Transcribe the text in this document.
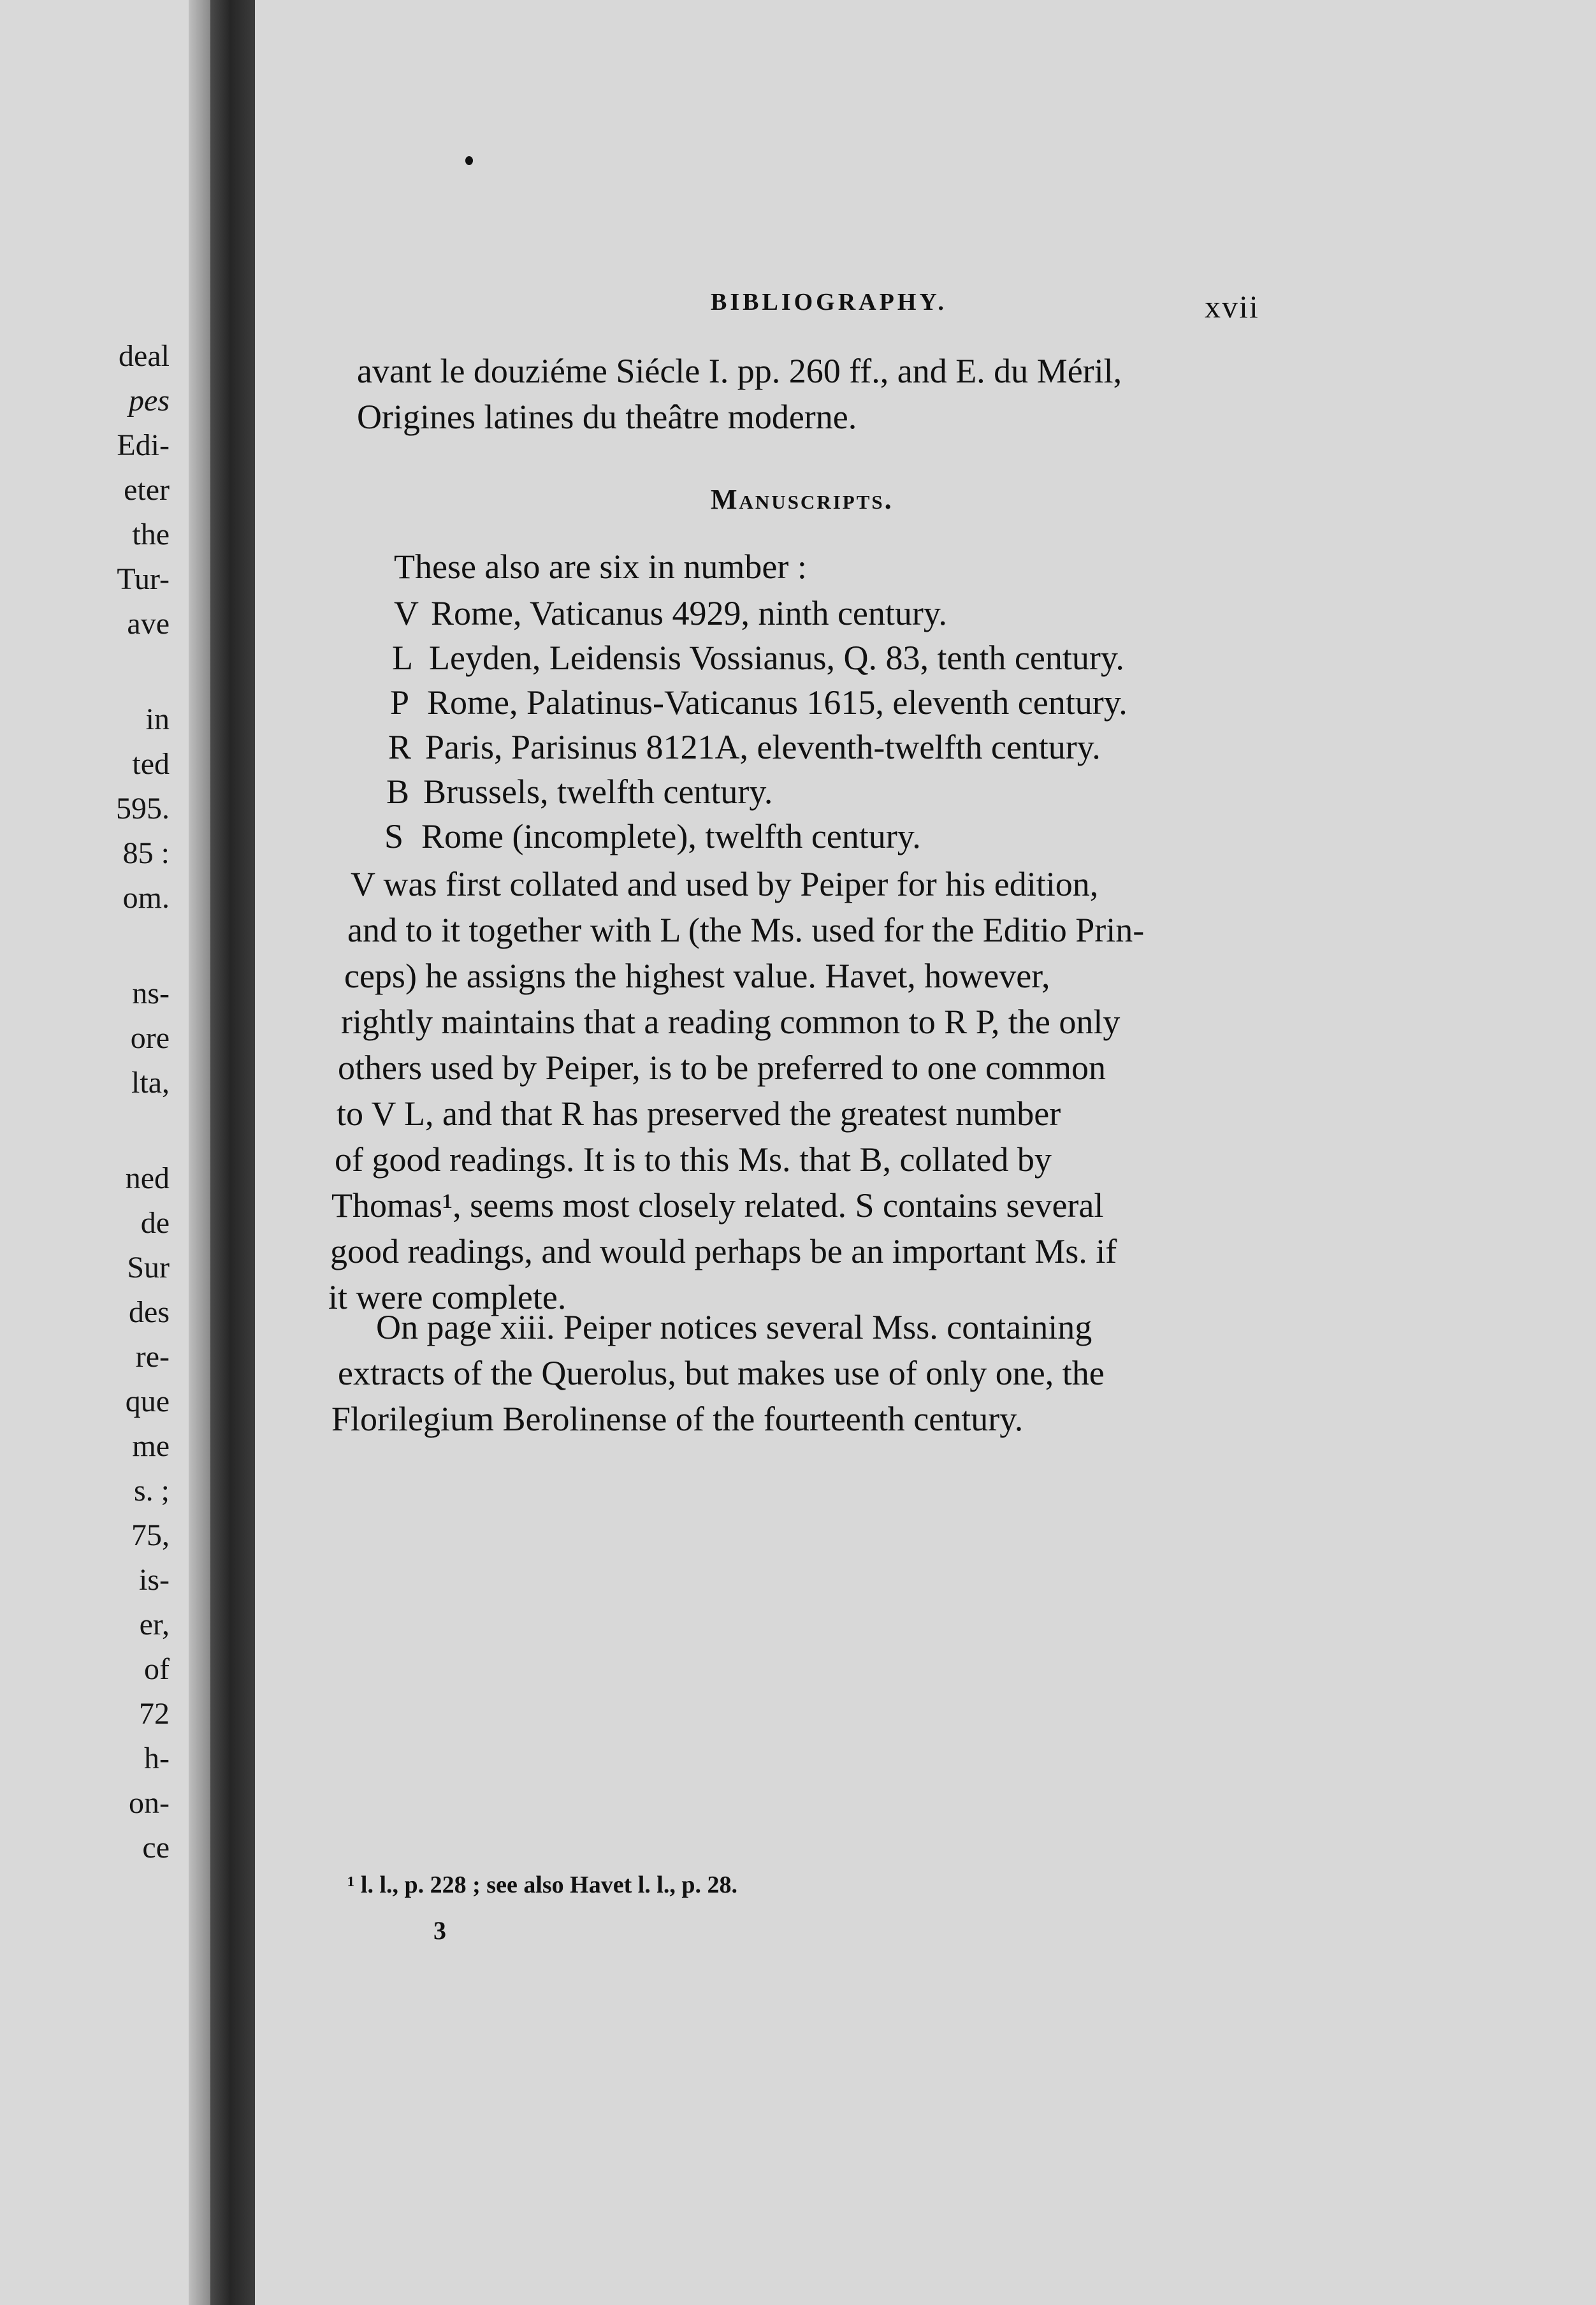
deal
pes
Edi-
eter
the
Tur-
ave
in
ted
595.
85 :
om.
ns-
ore
lta,
ned
de
Sur
des
re-
que
me
s. ;
75,
is-
er,
of
72
h-
on-
ce
BIBLIOGRAPHY.	xvii
avant le douziéme Siécle I. pp. 260 ff., and E. du Méril,
Origines latines du theâtre moderne.
Manuscripts.
These also are six in number :
V Rome, Vaticanus 4929, ninth century.
L Leyden, Leidensis Vossianus, Q. 83, tenth century.
P Rome, Palatinus-Vaticanus 1615, eleventh century.
R Paris, Parisinus 8121A, eleventh-twelfth century.
B Brussels, twelfth century.
S Rome (incomplete), twelfth century.
V was first collated and used by Peiper for his edition,
and to it together with L (the Ms. used for the Editio Prin-
ceps) he assigns the highest value. Havet, however,
rightly maintains that a reading common to R P, the only
others used by Peiper, is to be preferred to one common
to V L, and that R has preserved the greatest number
of good readings. It is to this Ms. that B, collated by
Thomas¹, seems most closely related. S contains several
good readings, and would perhaps be an important Ms. if
it were complete.
On page xiii. Peiper notices several Mss. containing
extracts of the Querolus, but makes use of only one, the
Florilegium Berolinense of the fourteenth century.
¹ l. l., p. 228 ; see also Havet l. l., p. 28.
3
